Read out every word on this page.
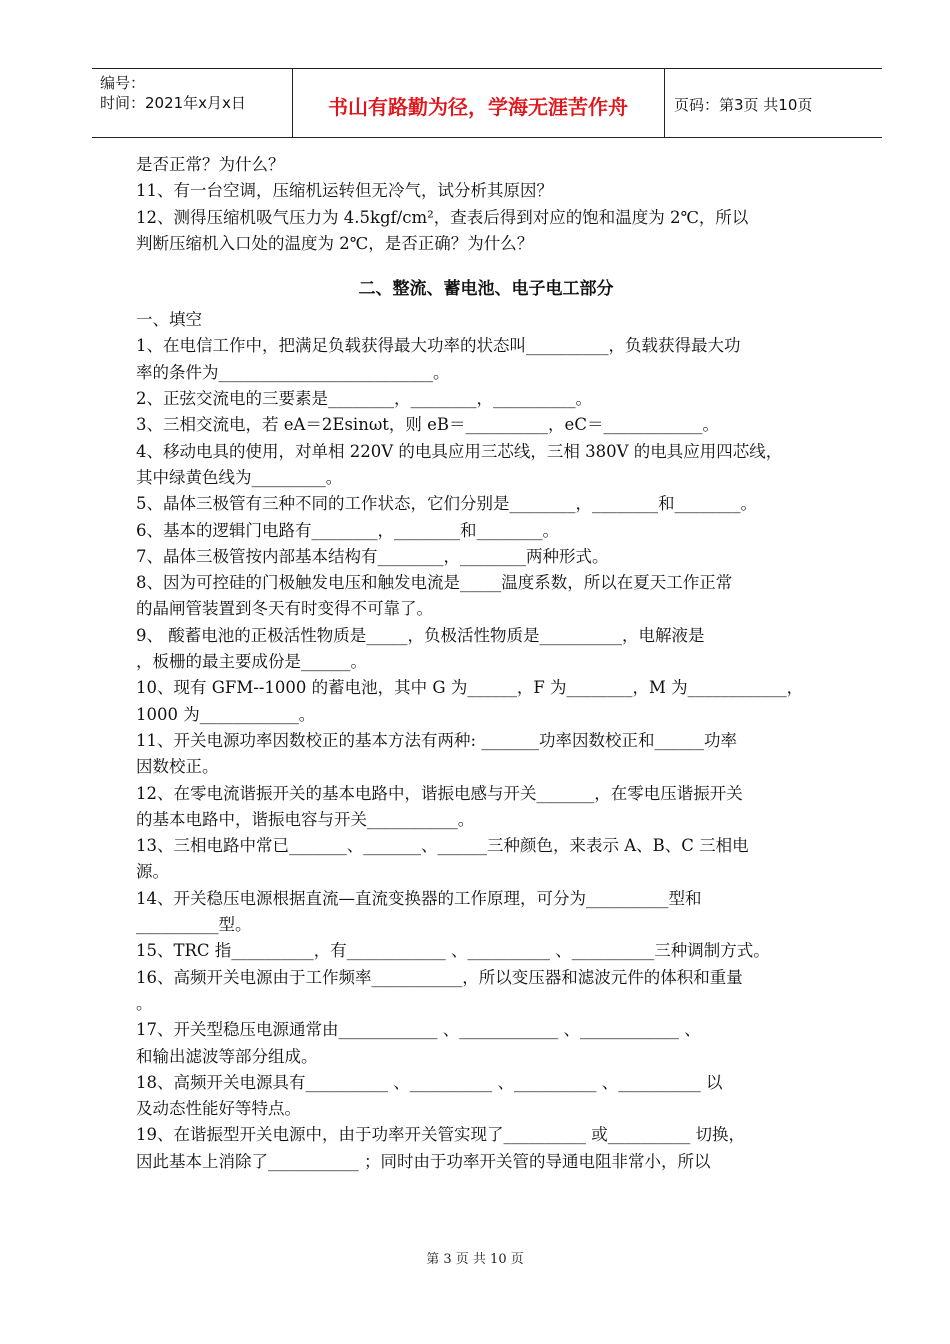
编号：
时间：2021年x月x日	书山有路勤为径，学海无涯苦作舟	页码：第3页 共10页
是否正常？为什么？
11、有一台空调，压缩机运转但无冷气，试分析其原因？
12、测得压缩机吸气压力为 4.5kgf/cm²，查表后得到对应的饱和温度为 2℃，所以
判断压缩机入口处的温度为 2℃，是否正确？为什么？
二、整流、蓄电池、电子电工部分
一、填空
1、在电信工作中，把满足负载获得最大功率的状态叫__________，负载获得最大功
率的条件为__________________________。
2、正弦交流电的三要素是________，________，__________。
3、三相交流电，若 eA＝2Esinωt，则 eB＝__________，eC＝____________。
4、移动电具的使用，对单相 220V 的电具应用三芯线，三相 380V 的电具应用四芯线，
其中绿黄色线为_________。
5、晶体三极管有三种不同的工作状态，它们分别是________，________和________。
6、基本的逻辑门电路有________，________和________。
7、晶体三极管按内部基本结构有________，________两种形式。
8、因为可控硅的门极触发电压和触发电流是_____温度系数，所以在夏天工作正常
的晶闸管装置到冬天有时变得不可靠了。
9、 酸蓄电池的正极活性物质是_____，负极活性物质是__________，电解液是
，板栅的最主要成份是______。
10、现有 GFM--1000 的蓄电池，其中 G 为______，F 为________，M 为____________，
1000 为____________。
11、开关电源功率因数校正的基本方法有两种: _______功率因数校正和______功率
因数校正。
12、在零电流谐振开关的基本电路中，谐振电感与开关_______，在零电压谐振开关
的基本电路中，谐振电容与开关___________。
13、三相电路中常已_______、_______、______三种颜色，来表示 A、B、C 三相电
源。
14、开关稳压电源根据直流—直流变换器的工作原理，可分为__________型和
__________型。
15、TRC 指__________，有____________ 、__________ 、__________三种调制方式。
16、高频开关电源由于工作频率___________，所以变压器和滤波元件的体积和重量
。
17、开关型稳压电源通常由____________ 、____________ 、____________ 、
和输出滤波等部分组成。
18、高频开关电源具有__________ 、__________ 、__________ 、__________ 以
及动态性能好等特点。
19、在谐振型开关电源中，由于功率开关管实现了__________ 或__________ 切换，
因此基本上消除了___________ ；同时由于功率开关管的导通电阻非常小，所以
第 3 页 共 10 页
